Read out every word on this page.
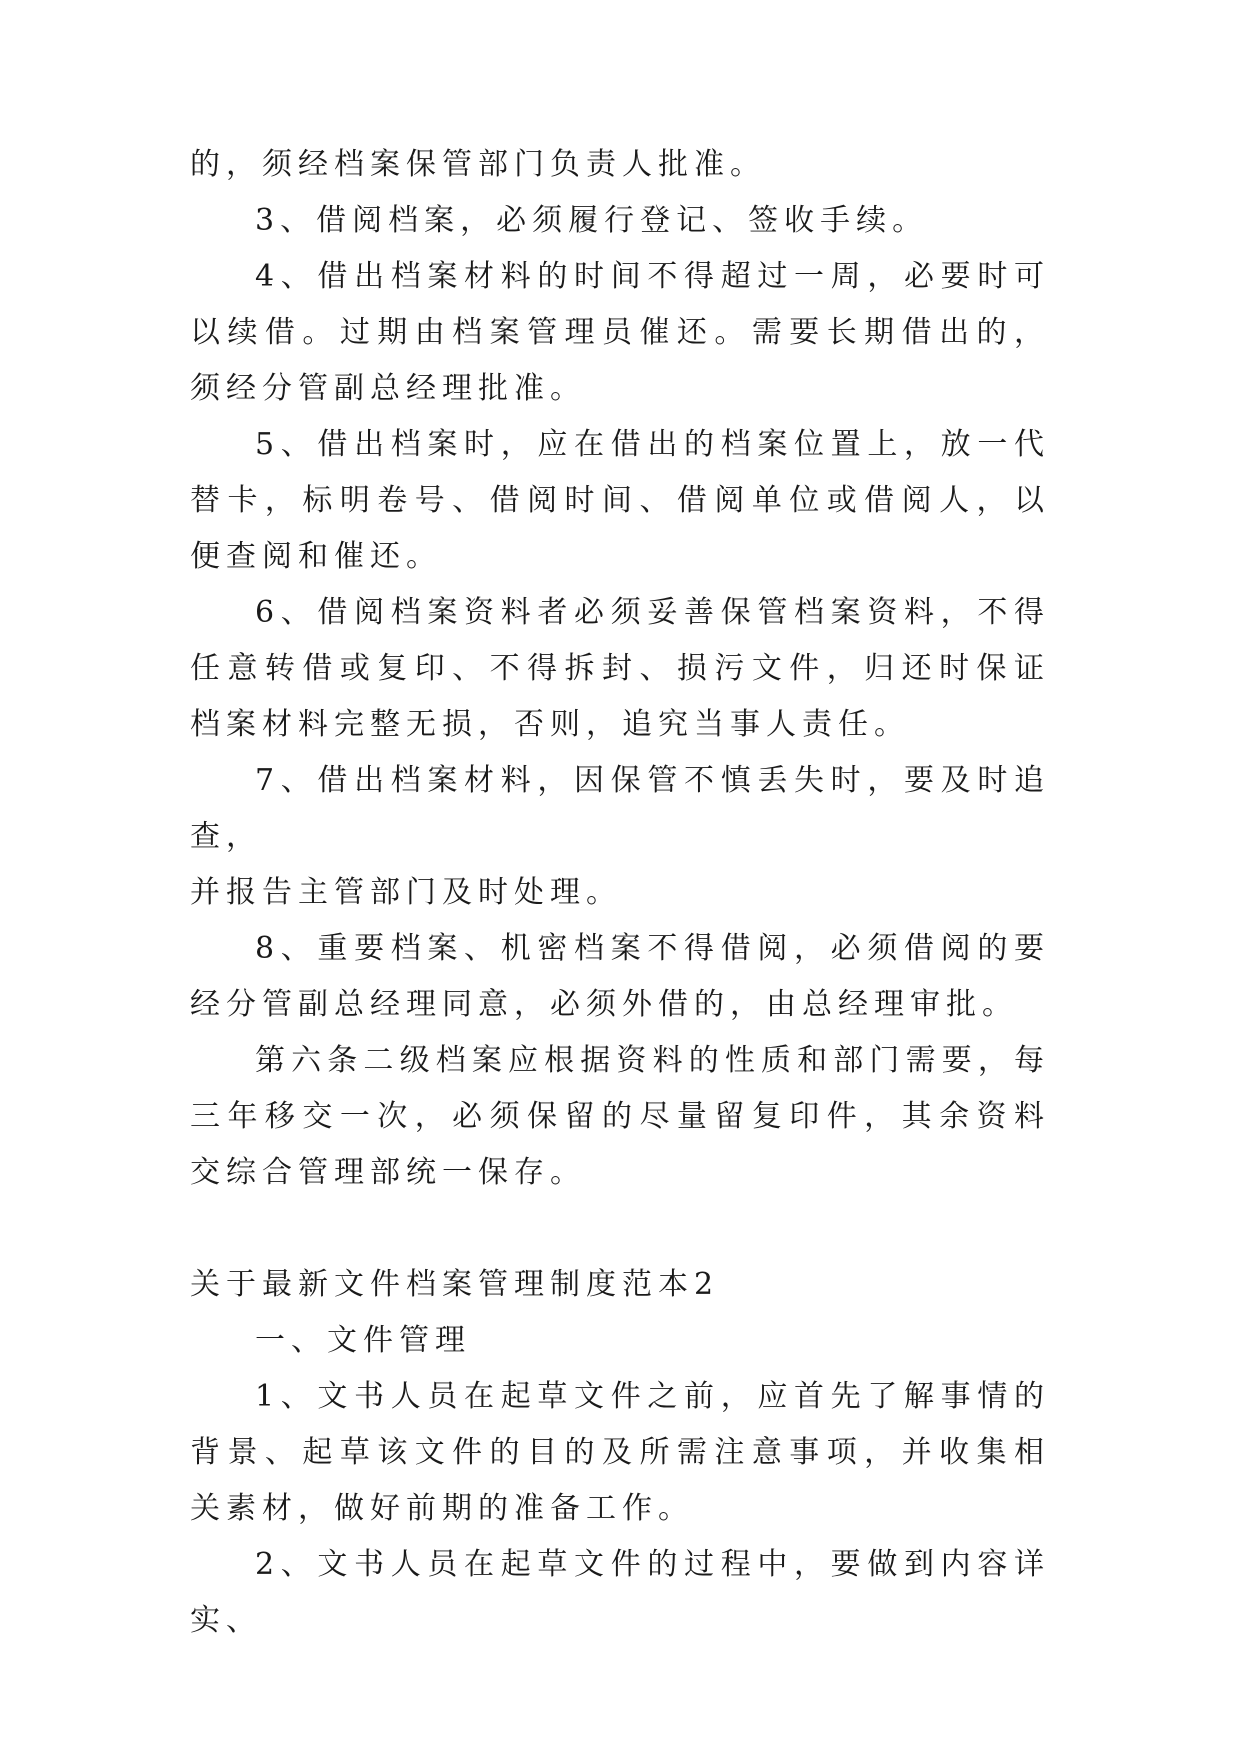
的，须经档案保管部门负责人批准。

3、借阅档案，必须履行登记、签收手续。

4、借出档案材料的时间不得超过一周，必要时可以续借。过期由档案管理员催还。需要长期借出的，须经分管副总经理批准。

5、借出档案时，应在借出的档案位置上，放一代替卡，标明卷号、借阅时间、借阅单位或借阅人，以便查阅和催还。

6、借阅档案资料者必须妥善保管档案资料，不得任意转借或复印、不得拆封、损污文件，归还时保证档案材料完整无损，否则，追究当事人责任。

7、借出档案材料，因保管不慎丢失时，要及时追查，

并报告主管部门及时处理。

8、重要档案、机密档案不得借阅，必须借阅的要经分管副总经理同意，必须外借的，由总经理审批。

第六条二级档案应根据资料的性质和部门需要，每三年移交一次，必须保留的尽量留复印件，其余资料交综合管理部统一保存。

关于最新文件档案管理制度范本2

一、文件管理

1、文书人员在起草文件之前，应首先了解事情的背景、起草该文件的目的及所需注意事项，并收集相关素材，做好前期的准备工作。

2、文书人员在起草文件的过程中，要做到内容详实、
